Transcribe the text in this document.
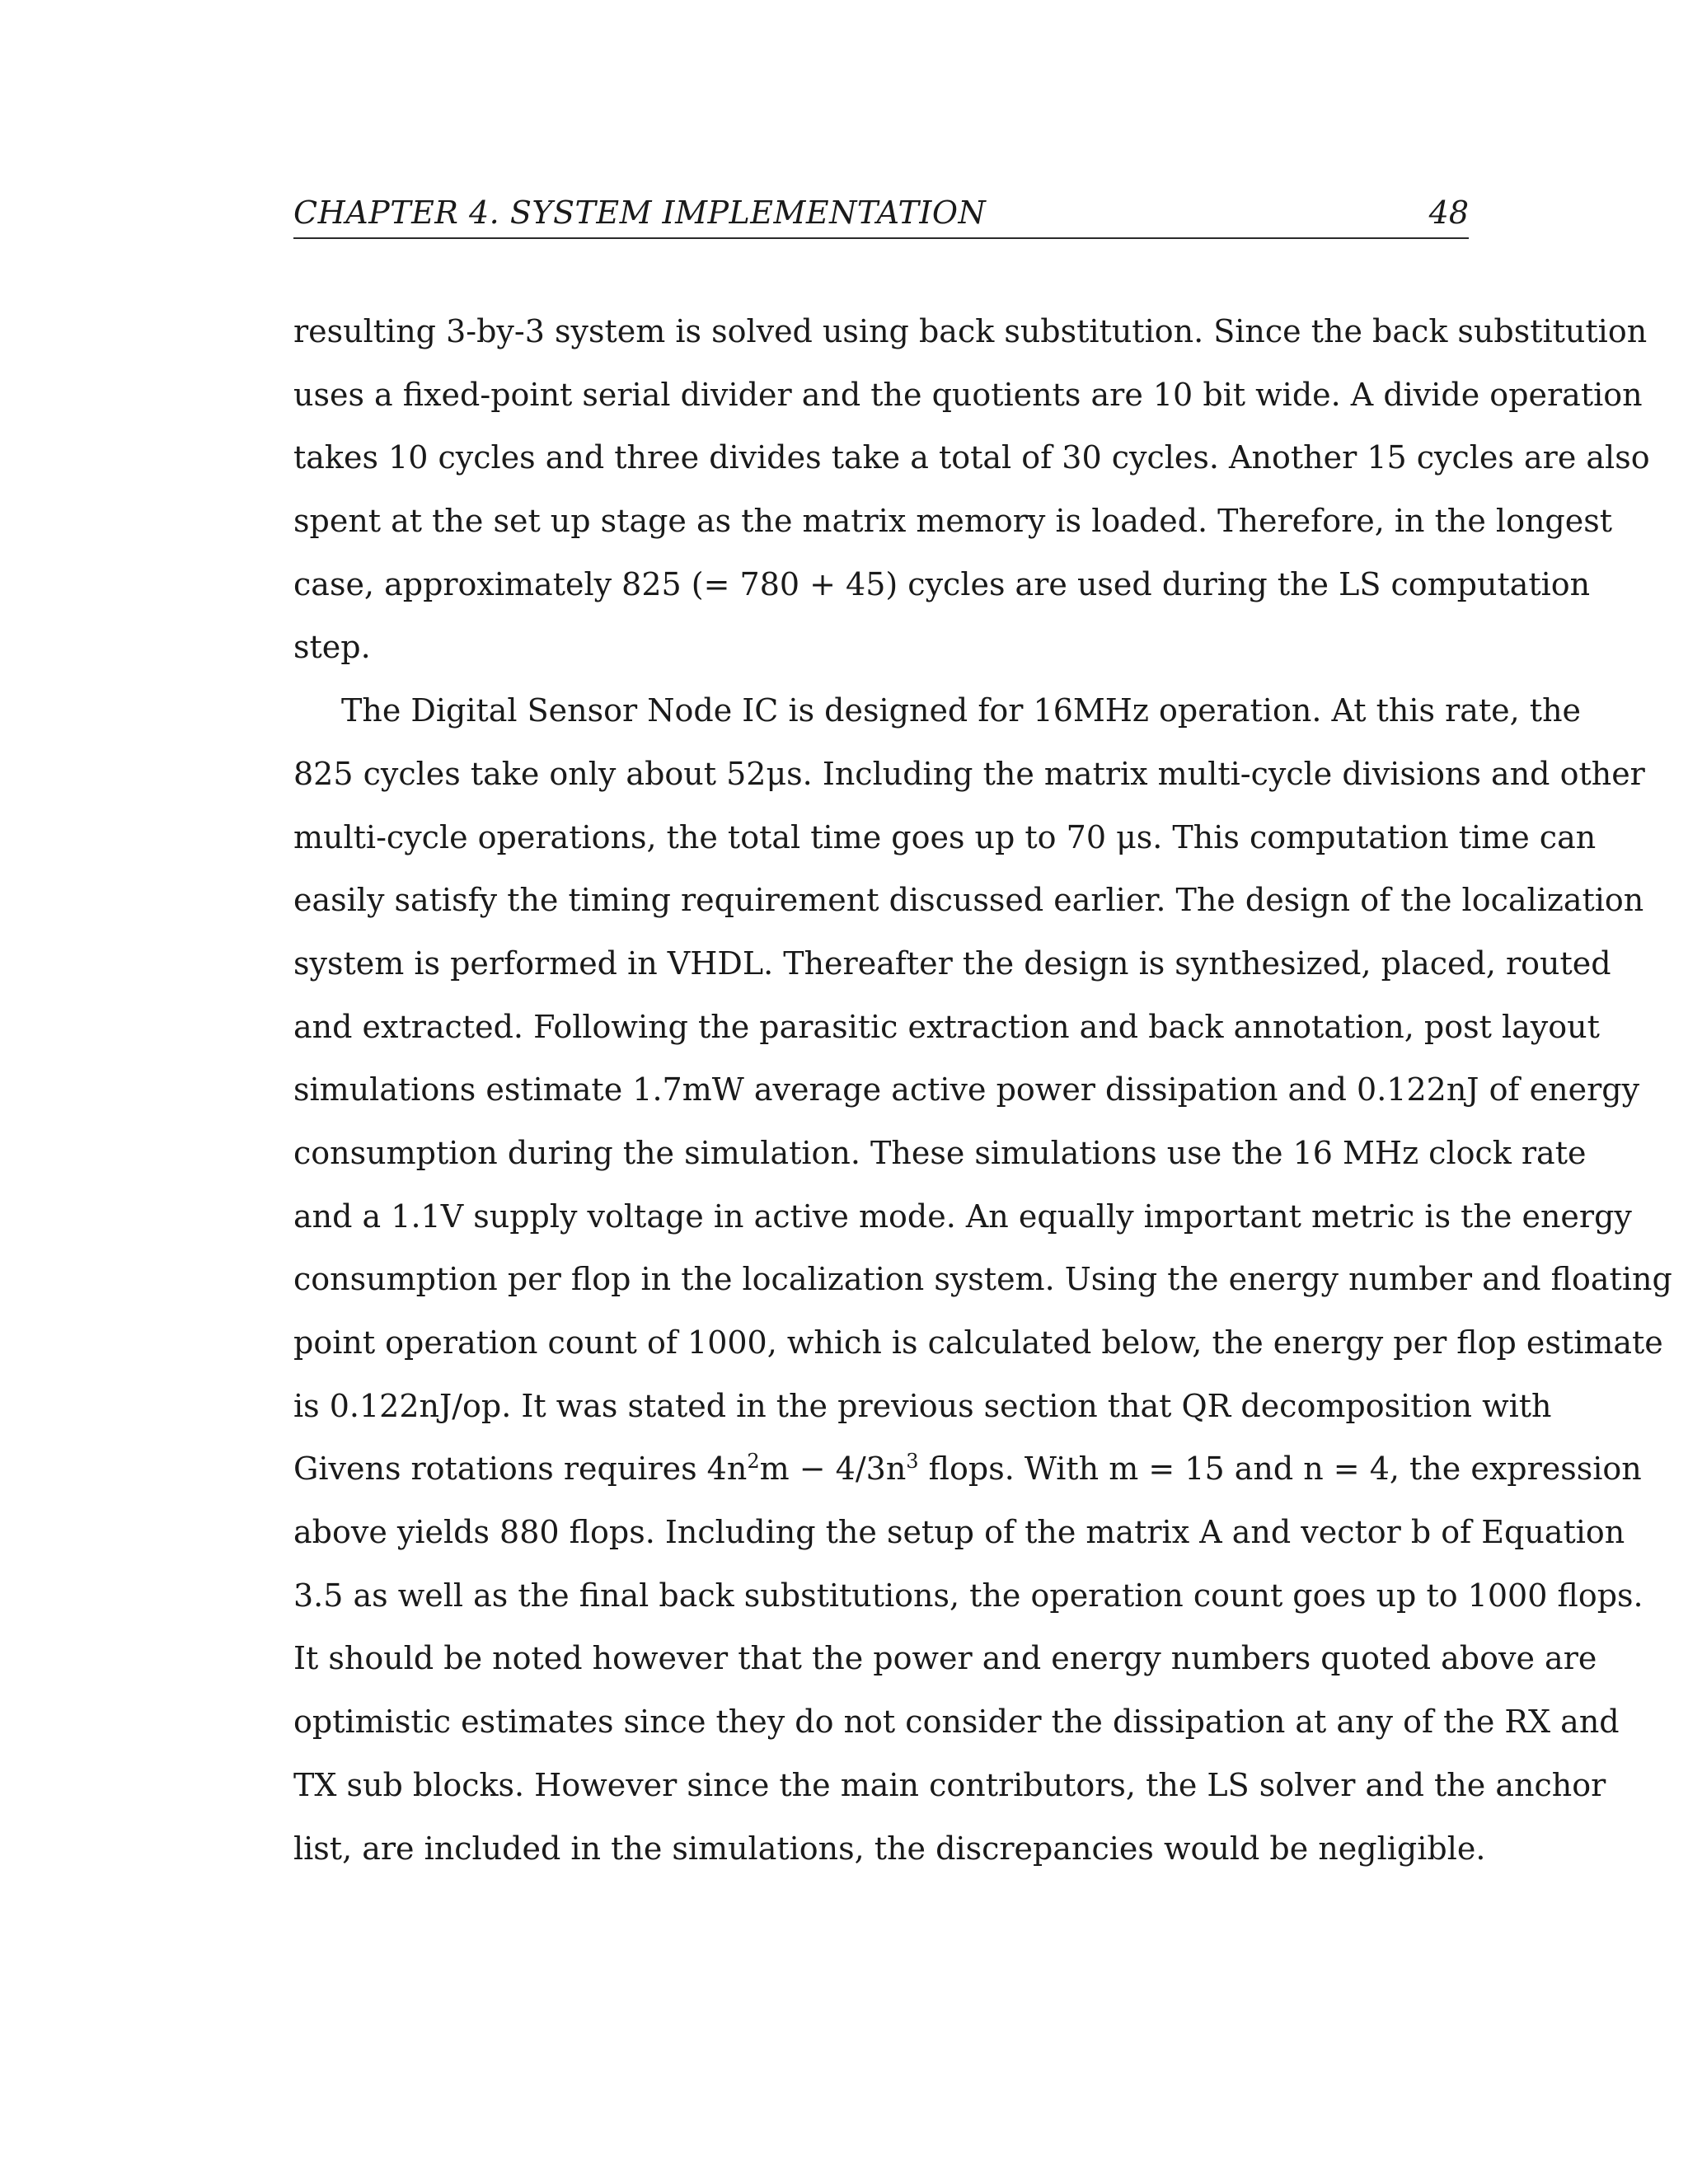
CHAPTER 4. SYSTEM IMPLEMENTATION	48
resulting 3-by-3 system is solved using back substitution. Since the back substitution
uses a fixed-point serial divider and the quotients are 10 bit wide. A divide operation
takes 10 cycles and three divides take a total of 30 cycles. Another 15 cycles are also
spent at the set up stage as the matrix memory is loaded. Therefore, in the longest
case, approximately 825 (= 780 + 45) cycles are used during the LS computation
step.
The Digital Sensor Node IC is designed for 16MHz operation. At this rate, the
825 cycles take only about 52μs. Including the matrix multi-cycle divisions and other
multi-cycle operations, the total time goes up to 70 μs. This computation time can
easily satisfy the timing requirement discussed earlier. The design of the localization
system is performed in VHDL. Thereafter the design is synthesized, placed, routed
and extracted. Following the parasitic extraction and back annotation, post layout
simulations estimate 1.7mW average active power dissipation and 0.122nJ of energy
consumption during the simulation. These simulations use the 16 MHz clock rate
and a 1.1V supply voltage in active mode. An equally important metric is the energy
consumption per flop in the localization system. Using the energy number and floating
point operation count of 1000, which is calculated below, the energy per flop estimate
is 0.122nJ/op. It was stated in the previous section that QR decomposition with
Givens rotations requires $4n^2m - 4/3n^3$ flops. With m = 15 and n = 4, the expression
above yields 880 flops. Including the setup of the matrix A and vector b of Equation
3.5 as well as the final back substitutions, the operation count goes up to 1000 flops.
It should be noted however that the power and energy numbers quoted above are
optimistic estimates since they do not consider the dissipation at any of the RX and
TX sub blocks. However since the main contributors, the LS solver and the anchor
list, are included in the simulations, the discrepancies would be negligible.
